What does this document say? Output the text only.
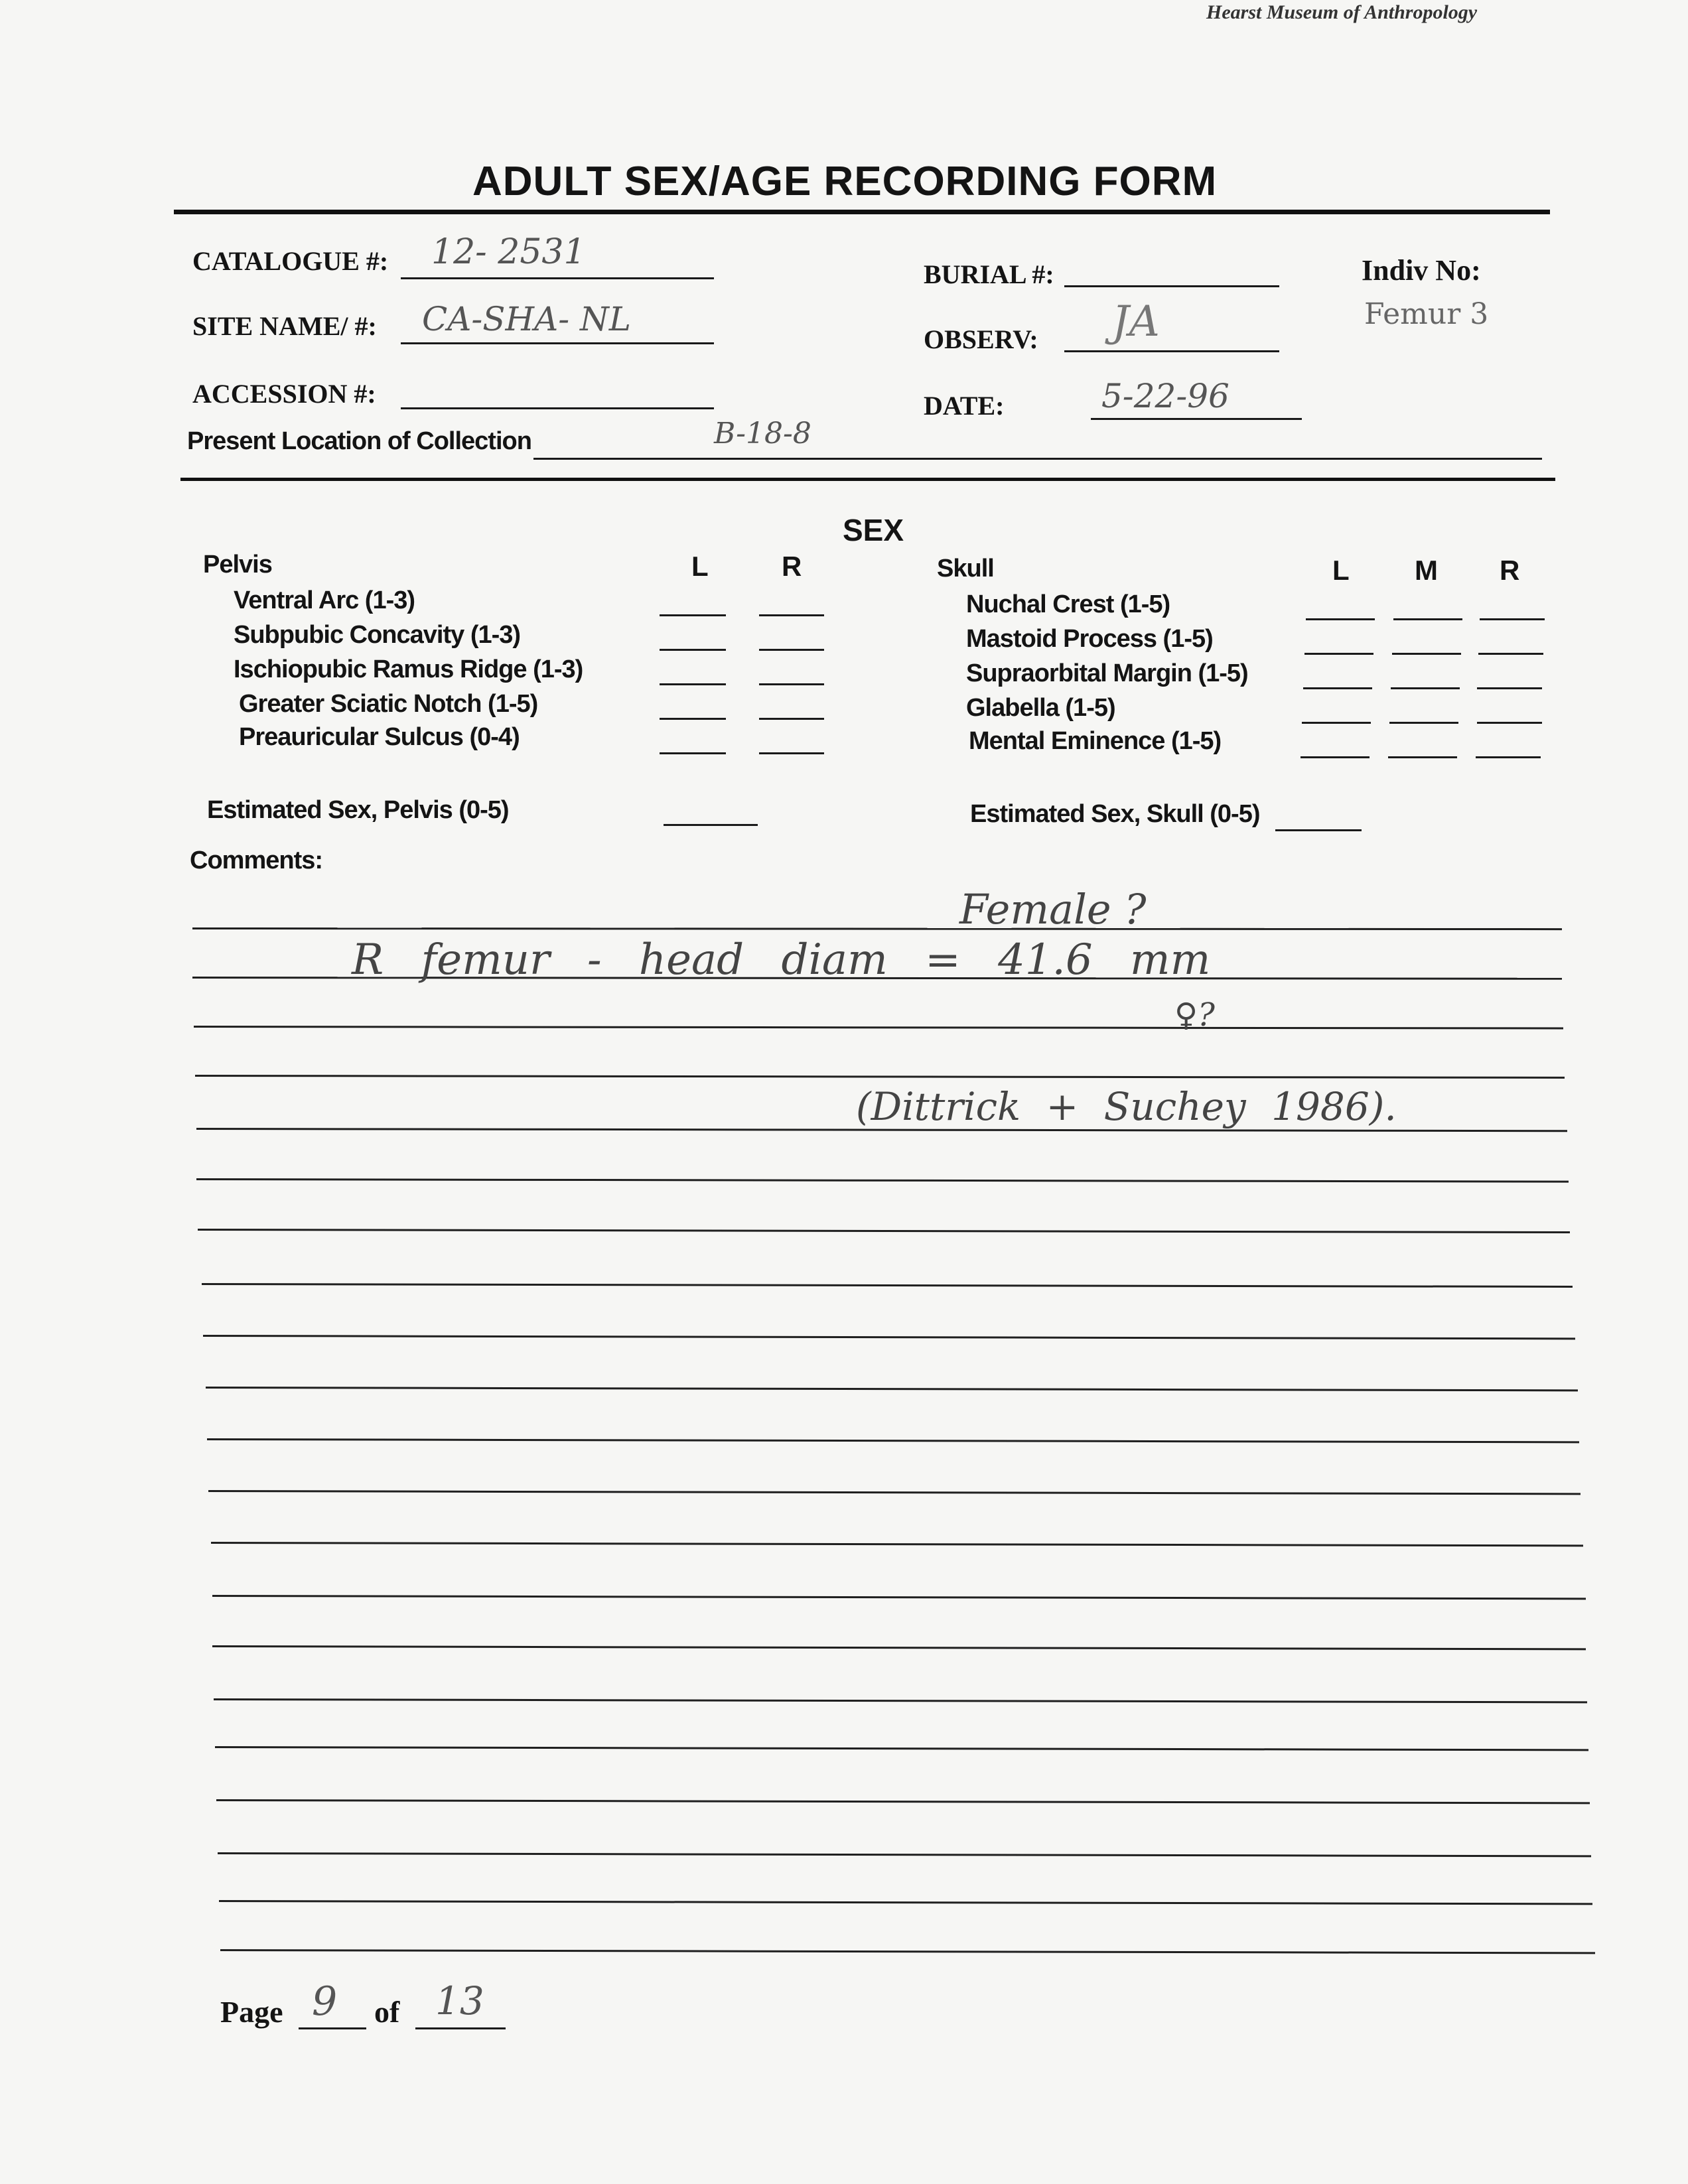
Hearst Museum of Anthropology
ADULT SEX/AGE RECORDING FORM
CATALOGUE #: 12- 2531
SITE NAME/ #: CA-SHA- NL
ACCESSION #:
Present Location of Collection	B-18-8
BURIAL #:
OBSERV: JA
DATE:	5-22-96
Indiv No:
Femur 3
SEX
Pelvis	L	R
Ventral Arc (1-3)
Subpubic Concavity (1-3)
Ischiopubic Ramus Ridge (1-3)
Greater Sciatic Notch (1-5)
Preauricular Sulcus (0-4)
Estimated Sex, Pelvis (0-5)
Skull	L M R
Nuchal Crest (1-5)
Mastoid Process (1-5)
Supraorbital Margin (1-5)
Glabella (1-5)
Mental Eminence (1-5)
Estimated Sex, Skull (0-5)
Comments:
Female ?
R femur - head diam = 41.6 mm
♀?
(Dittrick + Suchey 1986).
Page 9 of 13
